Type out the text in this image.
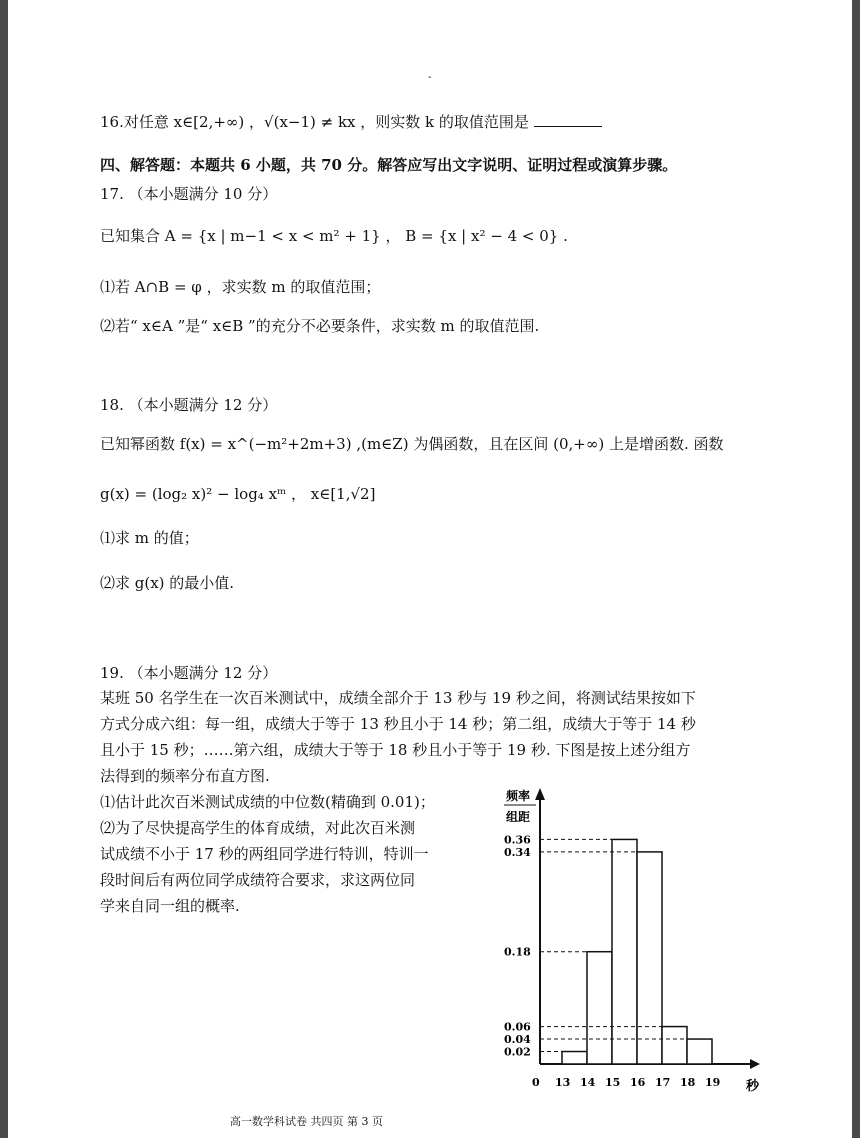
-
16.对任意 x∈[2,+∞) ，√(x−1) ≠ kx ，则实数 k 的取值范围是
四、解答题：本题共 6 小题，共 70 分。解答应写出文字说明、证明过程或演算步骤。
17. （本小题满分 10 分）
已知集合 A = {x | m−1 < x < m² + 1} ， B = {x | x² − 4 < 0} .
⑴若 A∩B = φ ，求实数 m 的取值范围；
⑵若“ x∈A ”是“ x∈B ”的充分不必要条件，求实数 m 的取值范围.
18. （本小题满分 12 分）
已知幂函数 f(x) = x^(−m²+2m+3) ,(m∈Z) 为偶函数，且在区间 (0,+∞) 上是增函数. 函数
g(x) = (log₂ x)² − log₄ xᵐ ， x∈[1,√2]
⑴求 m 的值；
⑵求 g(x) 的最小值.
19. （本小题满分 12 分）
某班 50 名学生在一次百米测试中，成绩全部介于 13 秒与 19 秒之间，将测试结果按如下
方式分成六组：每一组，成绩大于等于 13 秒且小于 14 秒；第二组，成绩大于等于 14 秒
且小于 15 秒；……第六组，成绩大于等于 18 秒且小于等于 19 秒. 下图是按上述分组方
法得到的频率分布直方图.
⑴估计此次百米测试成绩的中位数(精确到 0.01)；
⑵为了尽快提高学生的体育成绩，对此次百米测
试成绩不小于 17 秒的两组同学进行特训，特训一
段时间后有两位同学成绩符合要求，求这两位同
学来自同一组的概率.
频率
组距
0.36
0.34
0.18
0.06
0.04
0.02
0 13 14 15 16 17 18 19 秒
高一数学科试卷 共四页 第 3 页
